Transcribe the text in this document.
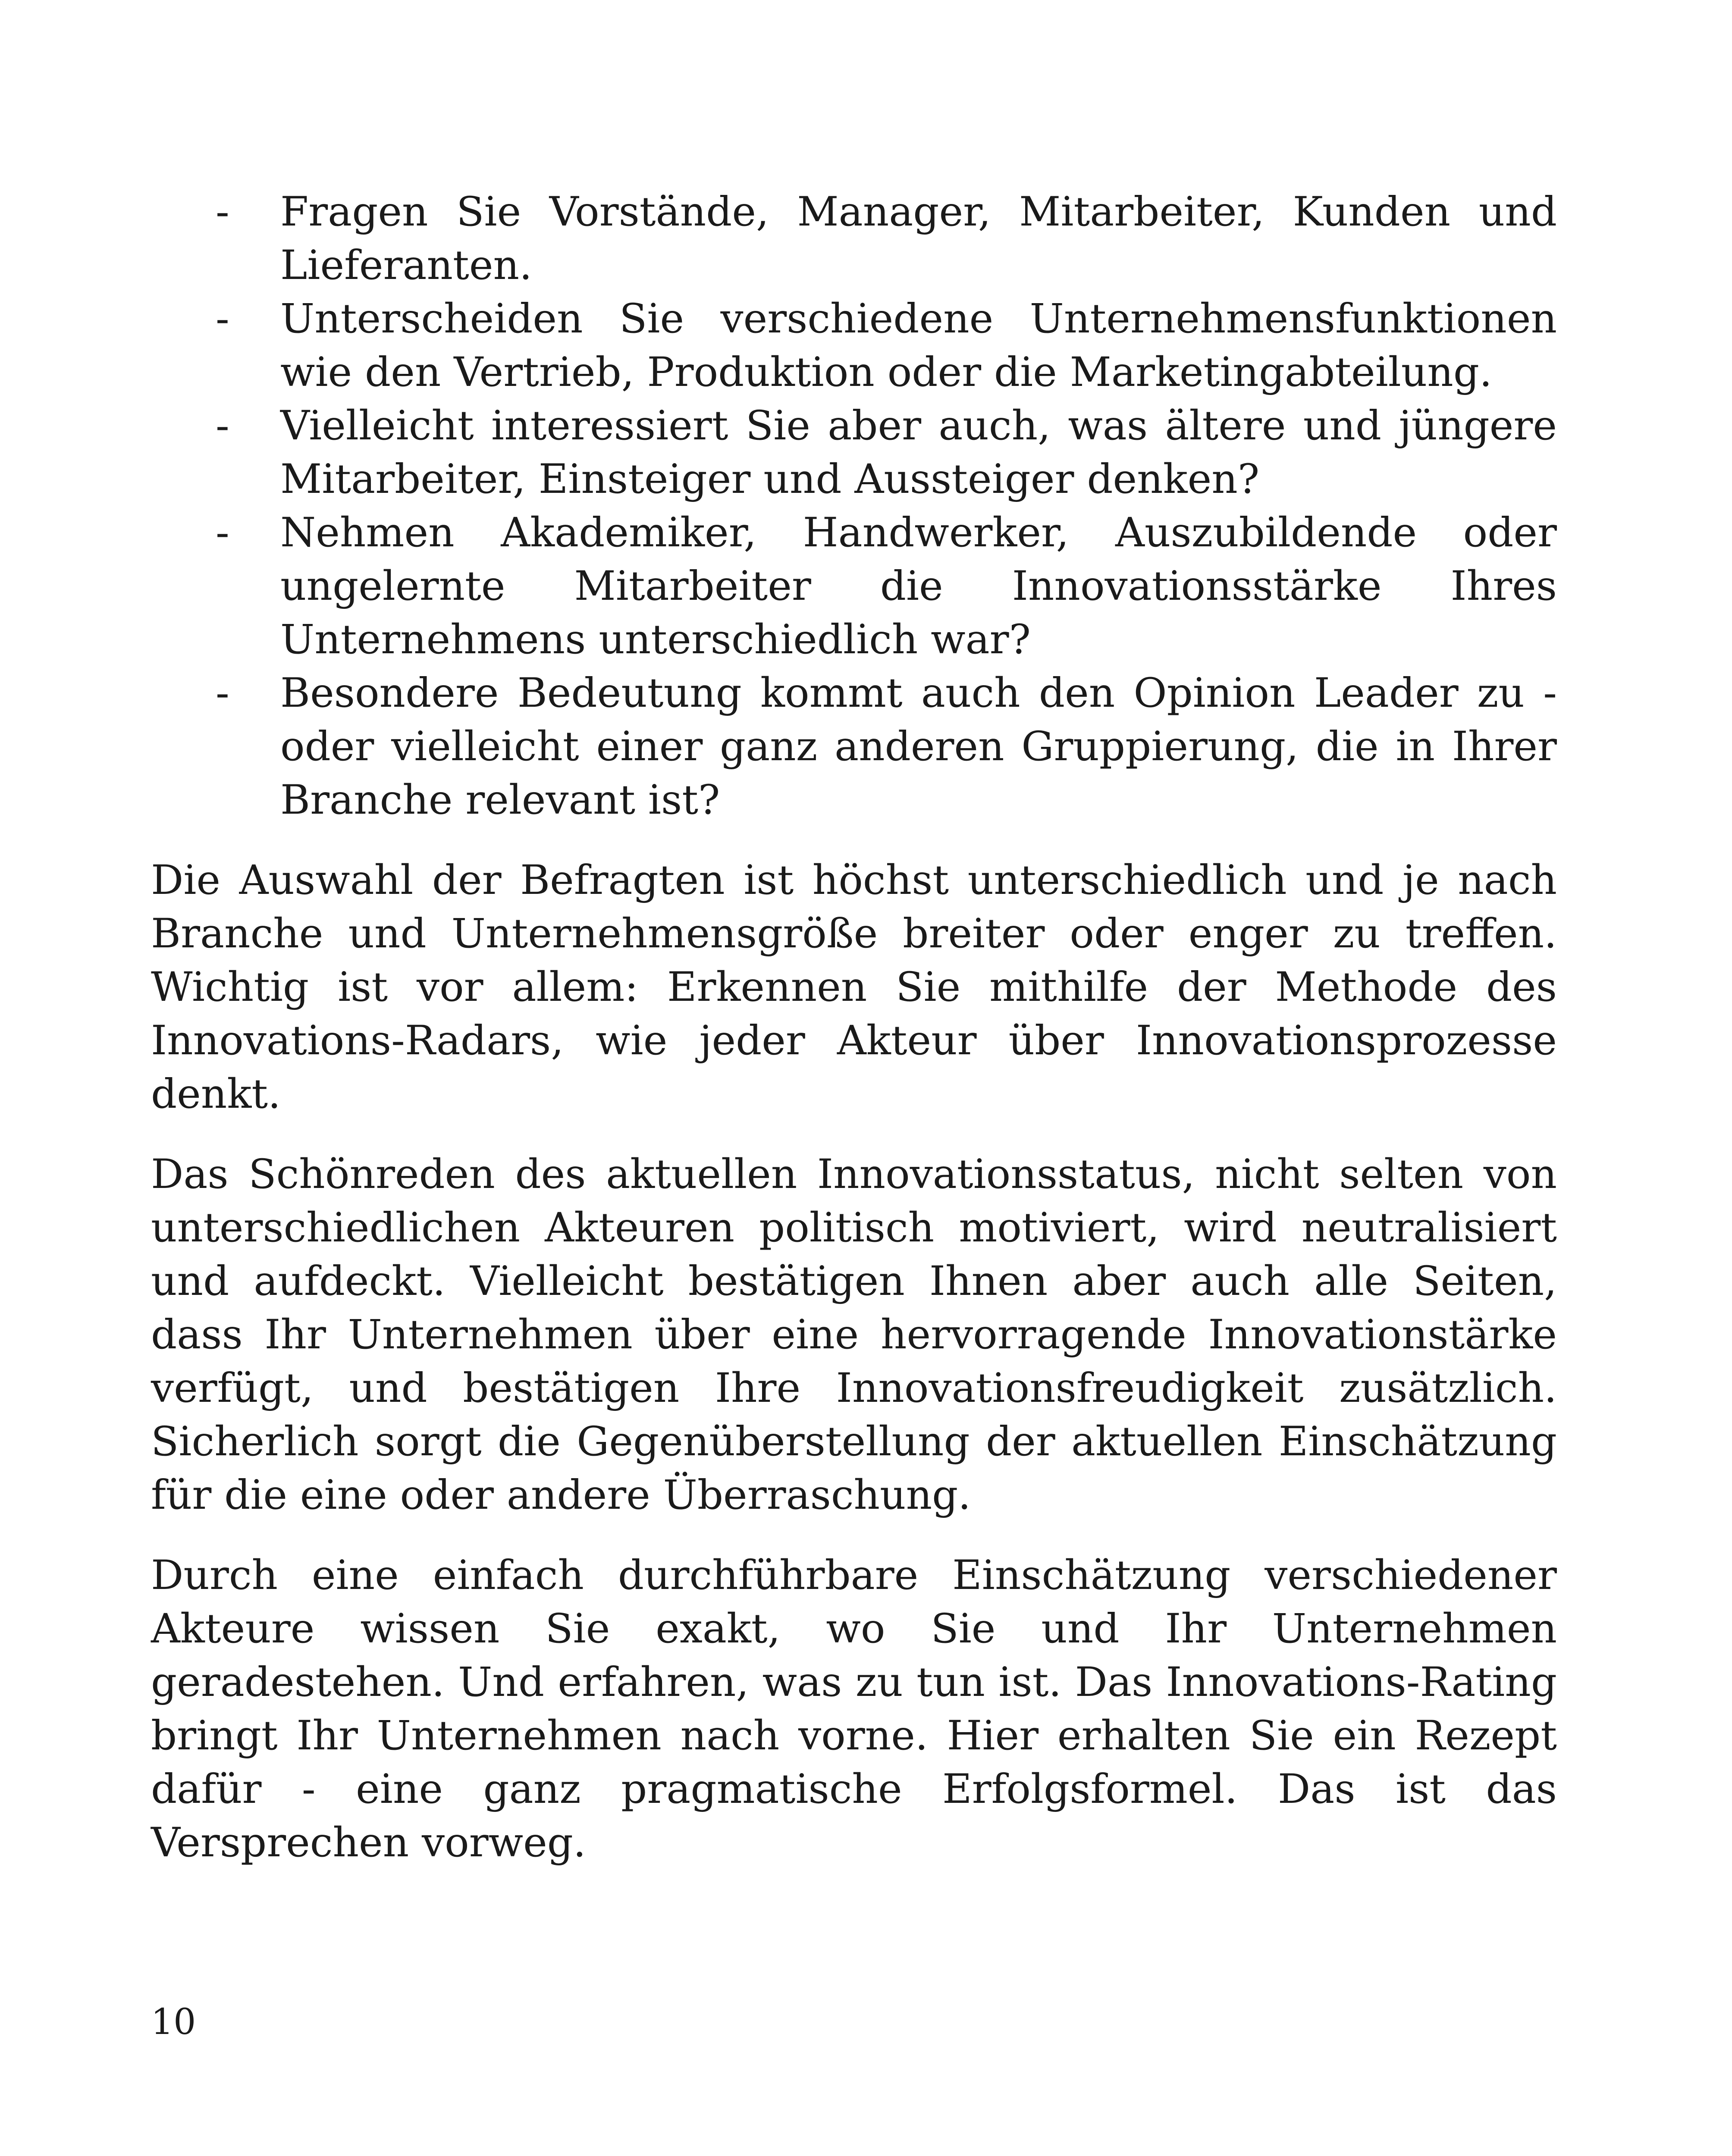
- Fragen Sie Vorstände, Manager, Mitarbeiter, Kunden und Lieferanten.
- Unterscheiden Sie verschiedene Unternehmensfunktionen wie den Vertrieb, Produktion oder die Marketingabteilung.
- Vielleicht interessiert Sie aber auch, was ältere und jüngere Mitarbeiter, Einsteiger und Aussteiger denken?
- Nehmen Akademiker, Handwerker, Auszubildende oder ungelernte Mitarbeiter die Innovationsstärke Ihres Unternehmens unterschiedlich war?
- Besondere Bedeutung kommt auch den Opinion Leader zu -oder vielleicht einer ganz anderen Gruppierung, die in Ihrer Branche relevant ist?

Die Auswahl der Befragten ist höchst unterschiedlich und je nach Branche und Unternehmensgröße breiter oder enger zu treffen. Wichtig ist vor allem: Erkennen Sie mithilfe der Methode des Innovations-Radars, wie jeder Akteur über Innovationsprozesse denkt.

Das Schönreden des aktuellen Innovationsstatus, nicht selten von unterschiedlichen Akteuren politisch motiviert, wird neutralisiert und aufdeckt. Vielleicht bestätigen Ihnen aber auch alle Seiten, dass Ihr Unternehmen über eine hervorragende Innovationstärke verfügt, und bestätigen Ihre Innovationsfreudigkeit zusätzlich. Sicherlich sorgt die Gegenüberstellung der aktuellen Einschätzung für die eine oder andere Überraschung.

Durch eine einfach durchführbare Einschätzung verschiedener Akteure wissen Sie exakt, wo Sie und Ihr Unternehmen geradestehen. Und erfahren, was zu tun ist. Das Innovations-Rating bringt Ihr Unternehmen nach vorne. Hier erhalten Sie ein Rezept dafür - eine ganz pragmatische Erfolgsformel. Das ist das Versprechen vorweg.

10
